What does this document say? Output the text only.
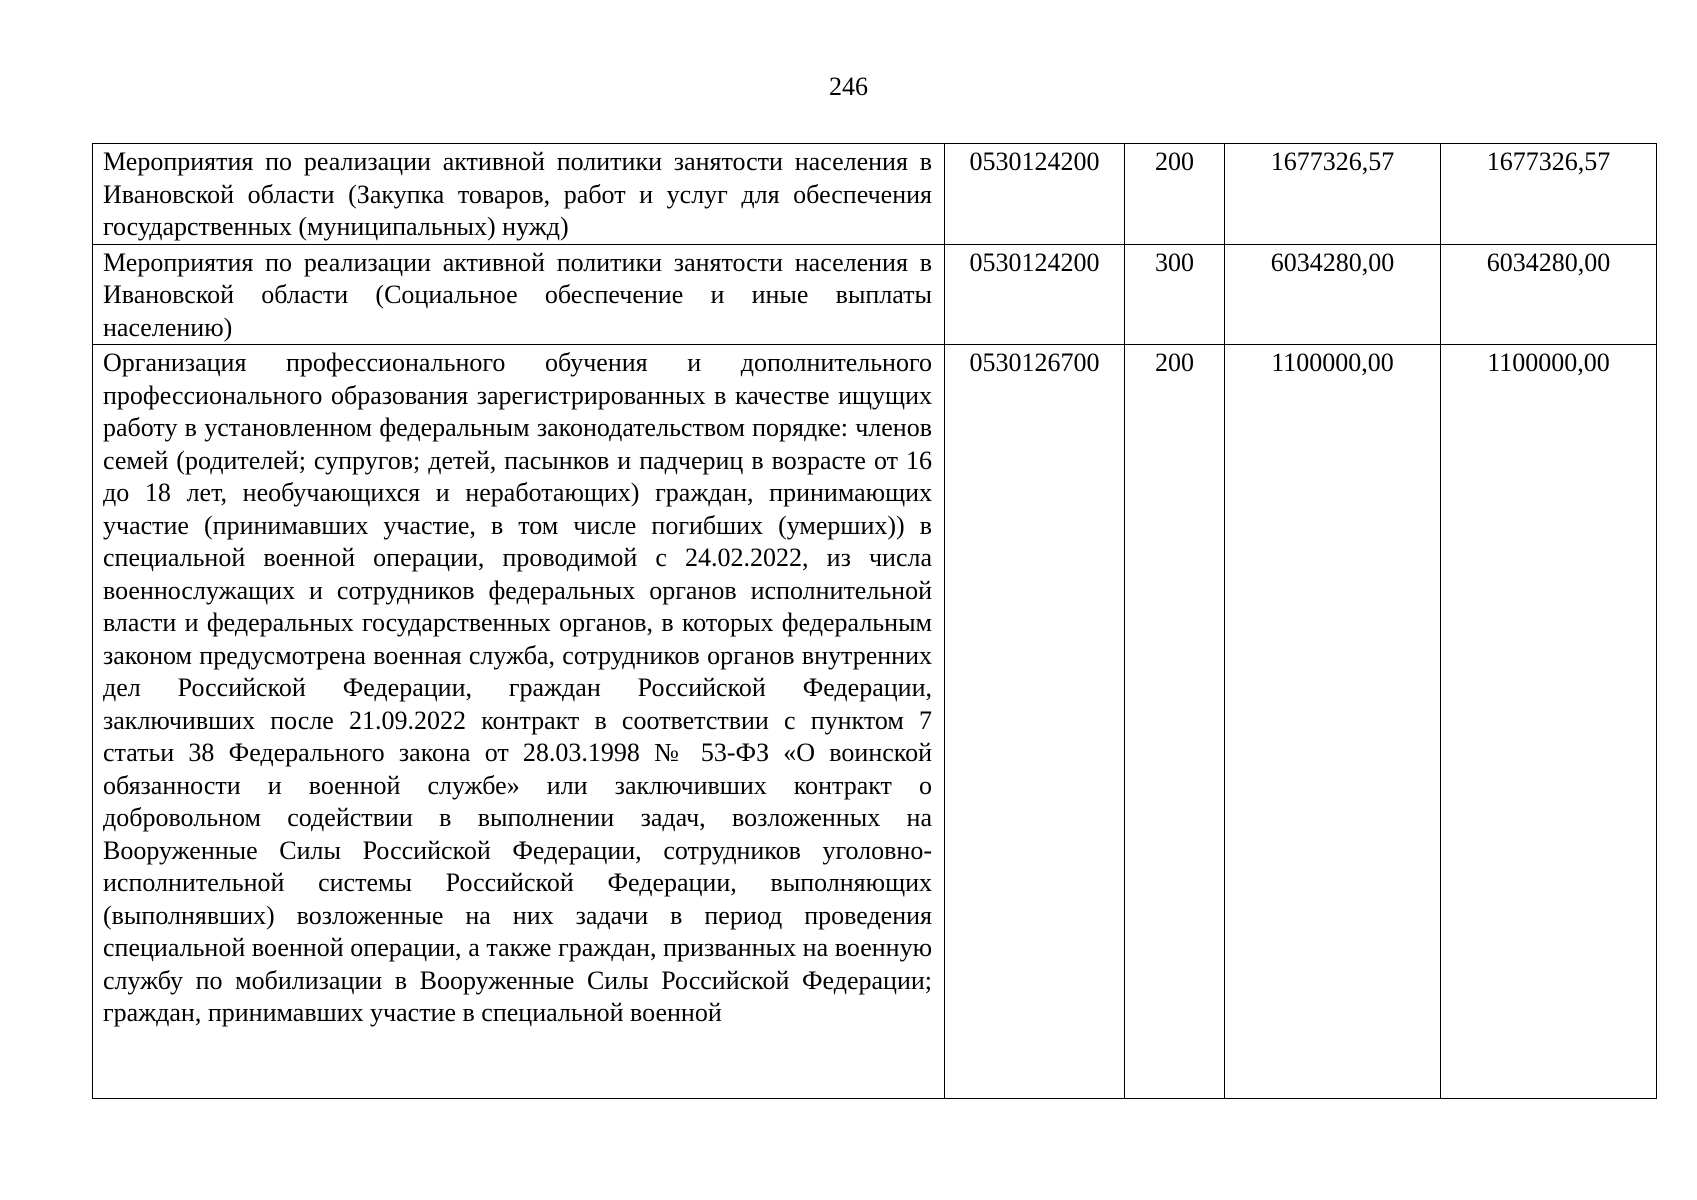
246
Мероприятия по реализации активной политики занятости населения в Ивановской области (Закупка товаров, работ и услуг для обеспечения государственных (муниципальных) нужд)	0530124200	200	1677326,57	1677326,57
Мероприятия по реализации активной политики занятости населения в Ивановской области (Социальное обеспечение и иные выплаты населению)	0530124200	300	6034280,00	6034280,00
Организация профессионального обучения и дополнительного профессионального образования зарегистрированных в качестве ищущих работу в установленном федеральным законодательством порядке: членов семей (родителей; супругов; детей, пасынков и падчериц в возрасте от 16 до 18 лет, необучающихся и неработающих) граждан, принимающих участие (принимавших участие, в том числе погибших (умерших)) в специальной военной операции, проводимой с 24.02.2022, из числа военнослужащих и сотрудников федеральных органов исполнительной власти и федеральных государственных органов, в которых федеральным законом предусмотрена военная служба, сотрудников органов внутренних дел Российской Федерации, граждан Российской Федерации, заключивших после 21.09.2022 контракт в соответствии с пунктом 7 статьи 38 Федерального закона от 28.03.1998 № 53-ФЗ «О воинской обязанности и военной службе» или заключивших контракт о добровольном содействии в выполнении задач, возложенных на Вооруженные Силы Российской Федерации, сотрудников уголовно-исполнительной системы Российской Федерации, выполняющих (выполнявших) возложенные на них задачи в период проведения специальной военной операции, а также граждан, призванных на военную службу по мобилизации в Вооруженные Силы Российской Федерации; граждан, принимавших участие в специальной военной	0530126700	200	1100000,00	1100000,00
